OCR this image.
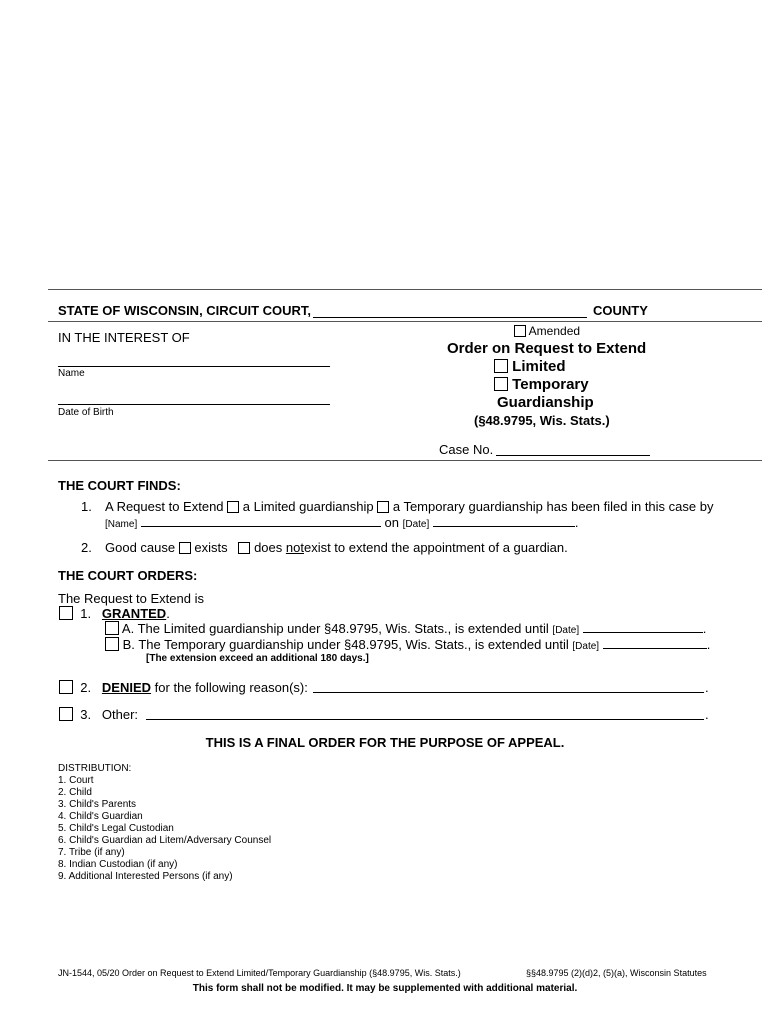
STATE OF WISCONSIN, CIRCUIT COURT,	COUNTY
IN THE INTEREST OF
Name
Date of Birth
Amended
Order on Request to Extend
Limited
Temporary
Guardianship
(§48.9795, Wis. Stats.)
Case No.
THE COURT FINDS:
1. A Request to Extend a Limited guardianship a Temporary guardianship has been filed in this case by
[Name]	on [Date]	.
2. Good cause exists does notexist to extend the appointment of a guardian.
THE COURT ORDERS:
The Request to Extend is
1. GRANTED.
A. The Limited guardianship under §48.9795, Wis. Stats., is extended until [Date]	.
B. The Temporary guardianship under §48.9795, Wis. Stats., is extended until [Date]	.
[The extension exceed an additional 180 days.]
2. DENIED for the following reason(s):	.
3. Other:	.
THIS IS A FINAL ORDER FOR THE PURPOSE OF APPEAL.
DISTRIBUTION:
1. Court
2. Child
3. Child's Parents
4. Child's Guardian
5. Child's Legal Custodian
6. Child's Guardian ad Litem/Adversary Counsel
7. Tribe (if any)
8. Indian Custodian (if any)
9. Additional Interested Persons (if any)
JN-1544, 05/20 Order on Request to Extend Limited/Temporary Guardianship (§48.9795, Wis. Stats.)	§§48.9795 (2)(d)2, (5)(a), Wisconsin Statutes
This form shall not be modified. It may be supplemented with additional material.
